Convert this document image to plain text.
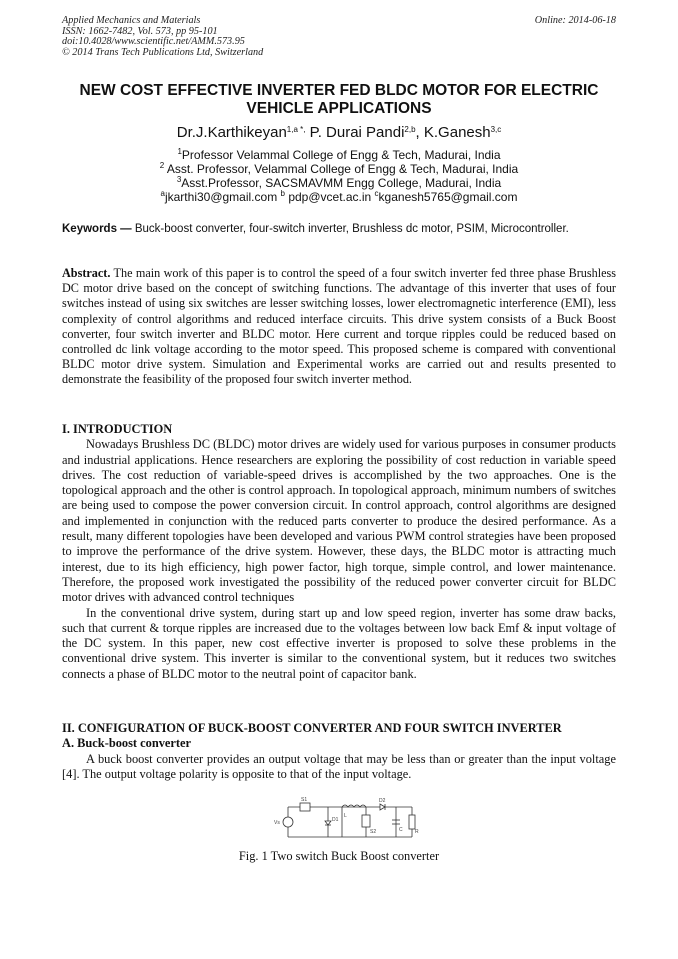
Applied Mechanics and Materials
ISSN: 1662-7482, Vol. 573, pp 95-101
doi:10.4028/www.scientific.net/AMM.573.95
© 2014 Trans Tech Publications Ltd, Switzerland
Online: 2014-06-18
NEW COST EFFECTIVE INVERTER FED BLDC MOTOR FOR ELECTRIC VEHICLE APPLICATIONS
Dr.J.Karthikeyan$^{1,a *,}$ P. Durai Pandi$^{2,b}$, K.Ganesh$^{3,c}$
$^1$Professor Velammal College of Engg & Tech, Madurai, India
$^2$ Asst. Professor, Velammal College of Engg & Tech, Madurai, India
$^3$Asst.Professor, SACSMAVMM Engg College, Madurai, India
$^a$jkarthi30@gmail.com $^b$ pdp@vcet.ac.in $^c$kganesh5765@gmail.com
Keywords — Buck-boost converter, four-switch inverter, Brushless dc motor, PSIM, Microcontroller.
Abstract. The main work of this paper is to control the speed of a four switch inverter fed three phase Brushless DC motor drive based on the concept of switching functions. The advantage of this inverter that uses of four switches instead of using six switches are lesser switching losses, lower electromagnetic interference (EMI), less complexity of control algorithms and reduced interface circuits. This drive system consists of a Buck Boost converter, four switch inverter and BLDC motor. Here current and torque ripples could be reduced based on controlled dc link voltage according to the motor speed. This proposed scheme is compared with conventional BLDC motor drive system. Simulation and Experimental works are carried out and results presented to demonstrate the feasibility of the proposed four switch inverter method.
I. INTRODUCTION

Nowadays Brushless DC (BLDC) motor drives are widely used for various purposes in consumer products and industrial applications. Hence researchers are exploring the possibility of cost reduction in variable speed drives. The cost reduction of variable-speed drives is accomplished by the two approaches. One is the topological approach and the other is control approach. In topological approach, minimum numbers of switches are being used to compose the power conversion circuit. In control approach, control algorithms are designed and implemented in conjunction with the reduced parts converter to produce the desired performance. As a result, many different topologies have been developed and various PWM control strategies have been proposed to improve the performance of the drive system. However, these days, the BLDC motor is attracting much interest, due to its high efficiency, high power factor, high torque, simple control, and lower maintenance. Therefore, the proposed work investigated the possibility of the reduced power converter circuit for BLDC motor drives with advanced control techniques

In the conventional drive system, during start up and low speed region, inverter has some draw backs, such that current & torque ripples are increased due to the voltages between low back Emf & input voltage of the DC system. In this paper, new cost effective inverter is proposed to solve these problems in the conventional drive system. This inverter is similar to the conventional system, but it reduces two switches connects a phase of BLDC motor to the neutral point of capacitor bank.

II. CONFIGURATION OF BUCK-BOOST CONVERTER AND FOUR SWITCH INVERTER
A. Buck-boost converter

A buck boost converter provides an output voltage that may be less than or greater than the input voltage [4]. The output voltage polarity is opposite to that of the input voltage.

Vs
S1
D1
L
D2
S2	C R
Fig. 1 Two switch Buck Boost converter
